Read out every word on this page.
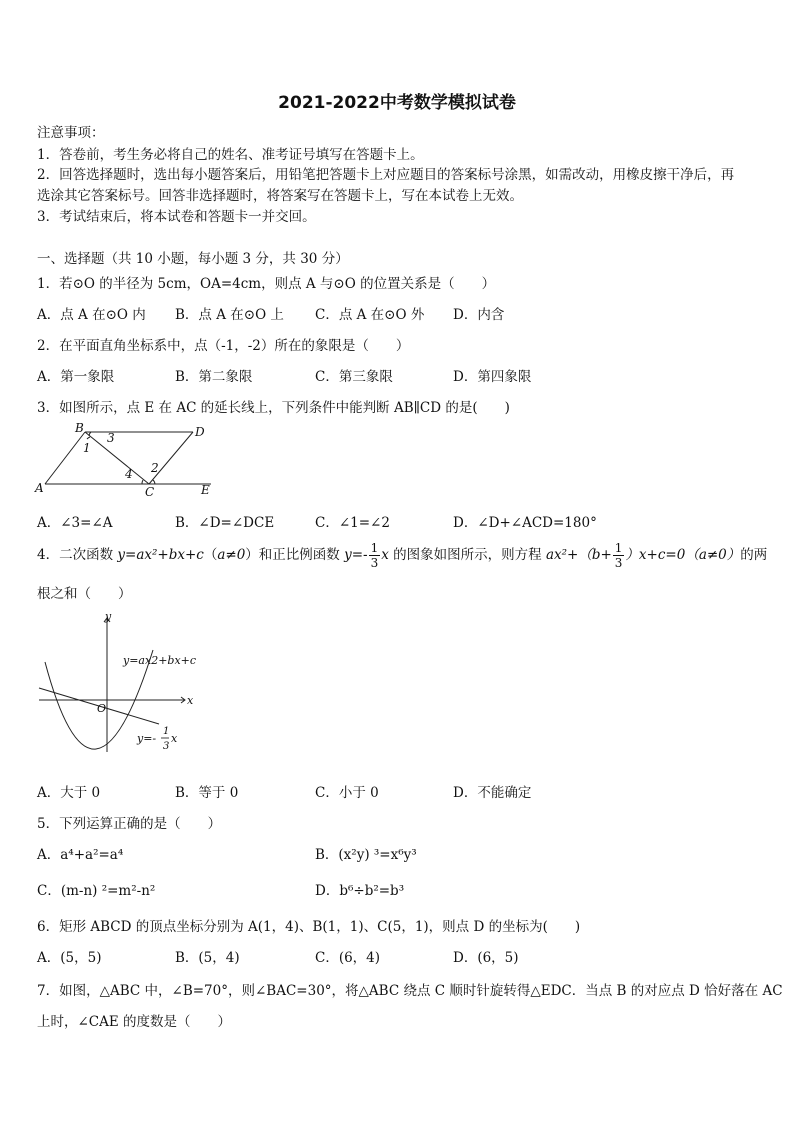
2021-2022中考数学模拟试卷
注意事项：
1．答卷前，考生务必将自己的姓名、准考证号填写在答题卡上。
2．回答选择题时，选出每小题答案后，用铅笔把答题卡上对应题目的答案标号涂黑，如需改动，用橡皮擦干净后，再
选涂其它答案标号。回答非选择题时，将答案写在答题卡上，写在本试卷上无效。
3．考试结束后，将本试卷和答题卡一并交回。
一、选择题（共 10 小题，每小题 3 分，共 30 分）
1．若⊙O 的半径为 5cm，OA=4cm，则点 A 与⊙O 的位置关系是（　　）
A．点 A 在⊙O 内 B．点 A 在⊙O 上 C．点 A 在⊙O 外 D．内含
2．在平面直角坐标系中，点（-1，-2）所在的象限是（　　）
A．第一象限	B．第二象限	C．第三象限	D．第四象限
3．如图所示，点 E 在 AC 的延长线上，下列条件中能判断 AB∥CD 的是(　　)
B	D
A	C	E
1
2
3
4
A．∠3=∠A	B．∠D=∠DCE	C．∠1=∠2	D．∠D+∠ACD=180°
4．二次函数 y=ax²+bx+c（a≠0）和正比例函数 $y=- \frac{1}{3}$ x 的图象如图所示，则方程 $ax^2+(b+ \frac{1}{3} )x+c=0(a\ne 0)$的两
根之和（　　）
y
x
O
y=ax2+bx+c
y=-
1
3
x
A．大于 0	B．等于 0	C．小于 0	D．不能确定
5．下列运算正确的是（　　）
A．a⁴+a²=a⁴	B．(x²y) ³=x⁶y³
C．(m-n) ²=m²-n²	D．b⁶÷b²=b³
6．矩形 ABCD 的顶点坐标分别为 A(1，4)、B(1，1)、C(5，1)，则点 D 的坐标为(　　)
A．(5，5)	B．(5，4)	C．(6，4)	D．(6，5)
7．如图，△ABC 中，∠B=70°，则∠BAC=30°，将△ABC 绕点 C 顺时针旋转得△EDC．当点 B 的对应点 D 恰好落在 AC
上时，∠CAE 的度数是（　　）
